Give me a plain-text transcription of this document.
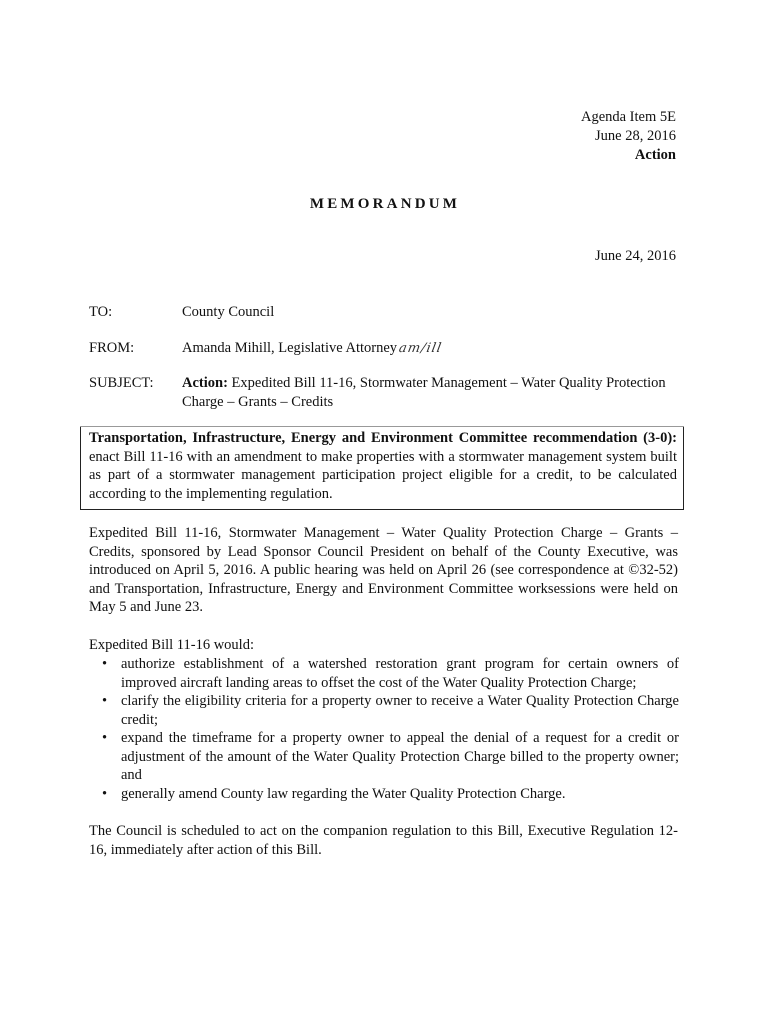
Agenda Item 5E
June 28, 2016
Action
MEMORANDUM
June 24, 2016
TO:	County Council
FROM:	Amanda Mihill, Legislative Attorneyam/ill
SUBJECT:	Action: Expedited Bill 11-16, Stormwater Management – Water Quality Protection Charge – Grants – Credits
Transportation, Infrastructure, Energy and Environment Committee recommendation (3-0): enact Bill 11-16 with an amendment to make properties with a stormwater management system built as part of a stormwater management participation project eligible for a credit, to be calculated according to the implementing regulation.
Expedited Bill 11-16, Stormwater Management – Water Quality Protection Charge – Grants – Credits, sponsored by Lead Sponsor Council President on behalf of the County Executive, was introduced on April 5, 2016. A public hearing was held on April 26 (see correspondence at ©32-52) and Transportation, Infrastructure, Energy and Environment Committee worksessions were held on May 5 and June 23.
Expedited Bill 11-16 would:
• authorize establishment of a watershed restoration grant program for certain owners of improved aircraft landing areas to offset the cost of the Water Quality Protection Charge;
• clarify the eligibility criteria for a property owner to receive a Water Quality Protection Charge credit;
• expand the timeframe for a property owner to appeal the denial of a request for a credit or adjustment of the amount of the Water Quality Protection Charge billed to the property owner; and
• generally amend County law regarding the Water Quality Protection Charge.
The Council is scheduled to act on the companion regulation to this Bill, Executive Regulation 12-16, immediately after action of this Bill.
